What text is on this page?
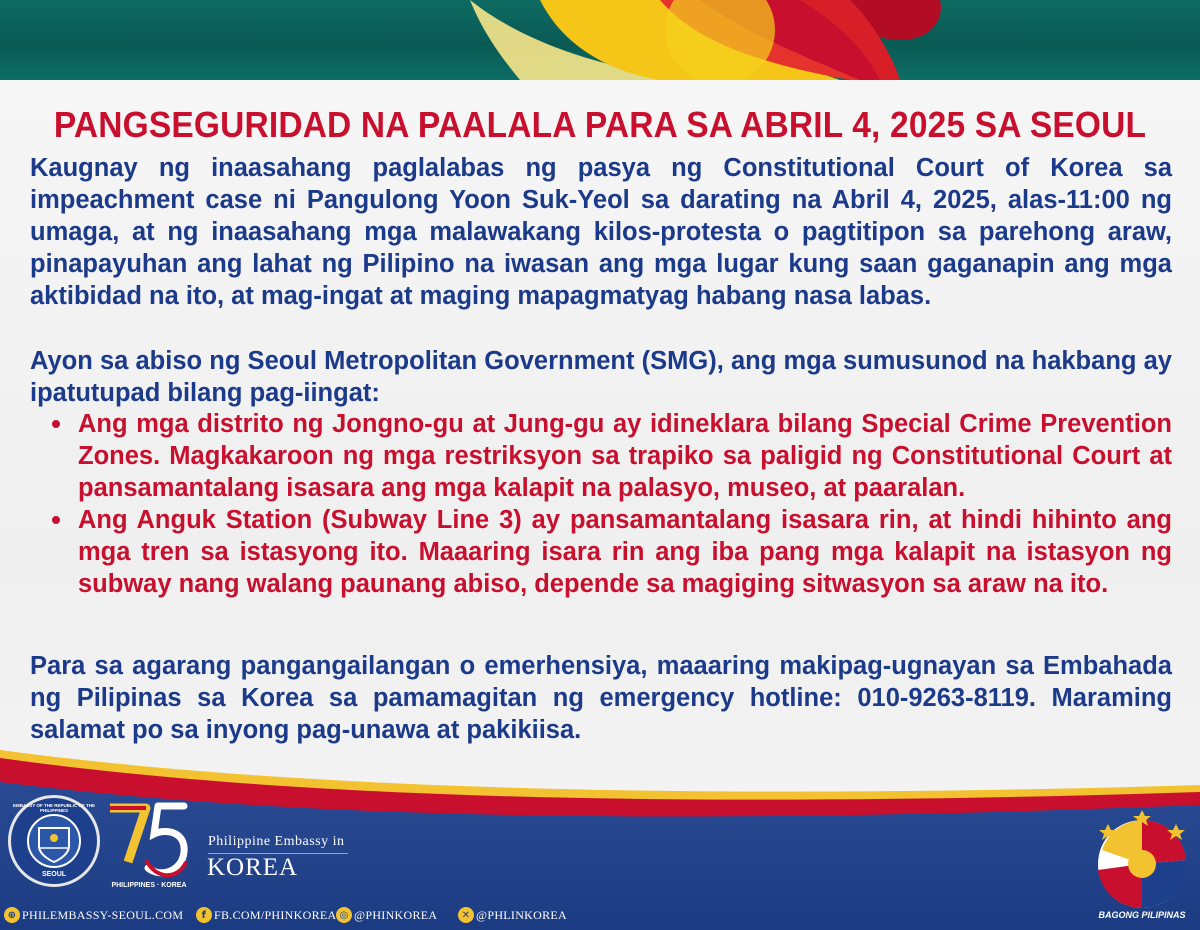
PANGSEGURIDAD NA PAALALA PARA SA ABRIL 4, 2025 SA SEOUL

Kaugnay ng inaasahang paglalabas ng pasya ng Constitutional Court of Korea sa impeachment case ni Pangulong Yoon Suk-Yeol sa darating na Abril 4, 2025, alas-11:00 ng umaga, at ng inaasahang mga malawakang kilos-protesta o pagtitipon sa parehong araw, pinapayuhan ang lahat ng Pilipino na iwasan ang mga lugar kung saan gaganapin ang mga aktibidad na ito, at mag-ingat at maging mapagmatyag habang nasa labas.

Ayon sa abiso ng Seoul Metropolitan Government (SMG), ang mga sumusunod na hakbang ay ipatutupad bilang pag-iingat:

Ang mga distrito ng Jongno-gu at Jung-gu ay idineklara bilang Special Crime Prevention Zones. Magkakaroon ng mga restriksyon sa trapiko sa paligid ng Constitutional Court at pansamantalang isasara ang mga kalapit na palasyo, museo, at paaralan.
Ang Anguk Station (Subway Line 3) ay pansamantalang isasara rin, at hindi hihinto ang mga tren sa istasyong ito. Maaaring isara rin ang iba pang mga kalapit na istasyon ng subway nang walang paunang abiso, depende sa magiging sitwasyon sa araw na ito.

Para sa agarang pangangailangan o emerhensiya, maaaring makipag-ugnayan sa Embahada ng Pilipinas sa Korea sa pamamagitan ng emergency hotline: 010-9263-8119. Maraming salamat po sa inyong pag-unawa at pakikiisa.

EMBASSY OF THE REPUBLIC OF THE PHILIPPINES
SEOUL
PHILIPPINES · KOREA
Philippine Embassy in
KOREA
⊕ PHILEMBASSY-SEOUL.COM	f FB.COM/PHINKOREA ◎ @PHINKOREA	✕ @PHLINKOREA	BAGONG PILIPINAS
